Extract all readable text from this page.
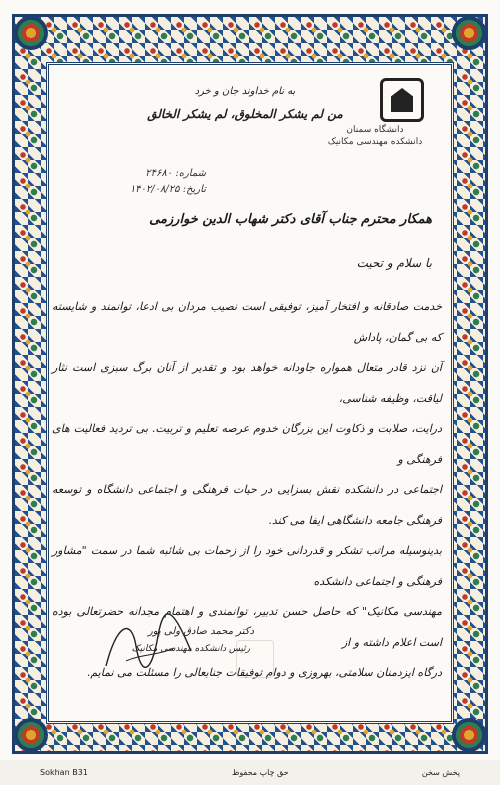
دانشگاه سمنان
دانشکده مهندسی مکانیک
به نام خداوند جان و خرد
من لم یشکر المخلوق، لم یشکر الخالق
شماره: ۲۴۶۸۰
تاریخ: ۱۴۰۲/۰۸/۲۵
همکار محترم جناب آقای دکتر شهاب الدین خوارزمی
با سلام و تحیت

خدمت صادقانه و افتخار آمیز، توفیقی است نصیب مردان بی ادعا، توانمند و شایسته که بی گمان، پاداش

آن نزد قادر متعال همواره جاودانه خواهد بود و تقدیر از آنان برگ سبزی است نثار لیاقت، وظیفه شناسی،

درایت، صلابت و ذکاوت این بزرگان خدوم عرصه تعلیم و تربیت. بی تردید فعالیت های فرهنگی و

اجتماعی در دانشکده نقش بسزایی در حیات فرهنگی و اجتماعی دانشگاه و توسعه فرهنگی جامعه دانشگاهی ایفا می کند.

بدینوسیله مراتب تشکر و قدردانی خود را از زحمات بی شائبه شما در سمت "مشاور فرهنگی و اجتماعی دانشکده

مهندسی مکانیک" که حاصل حسن تدبیر، توانمندی و اهتمام مجدانه حضرتعالی بوده است اعلام داشته و از

درگاه ایزدمنان سلامتی، بهروزی و دوام توفیقات جنابعالی را مسئلت می نمایم.

دکتر محمد صادق ولی پور
رئیس دانشکده مهندسی مکانیک
Sokhan B31	حق چاپ محفوظ	پخش سخن
